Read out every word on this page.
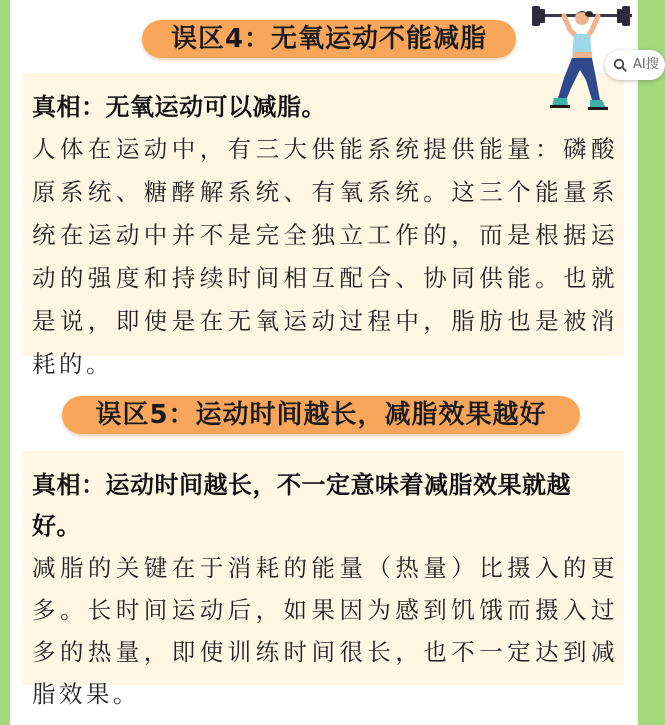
误区4：无氧运动不能减脂
真相：无氧运动可以减脂。
人体在运动中，有三大供能系统提供能量：磷酸原系统、糖酵解系统、有氧系统。这三个能量系统在运动中并不是完全独立工作的，而是根据运动的强度和持续时间相互配合、协同供能。也就是说，即使是在无氧运动过程中，脂肪也是被消耗的。
误区5：运动时间越长，减脂效果越好
真相：运动时间越长，不一定意味着减脂效果就越好。
减脂的关键在于消耗的能量（热量）比摄入的更多。长时间运动后，如果因为感到饥饿而摄入过多的热量，即使训练时间很长，也不一定达到减脂效果。
AI搜
